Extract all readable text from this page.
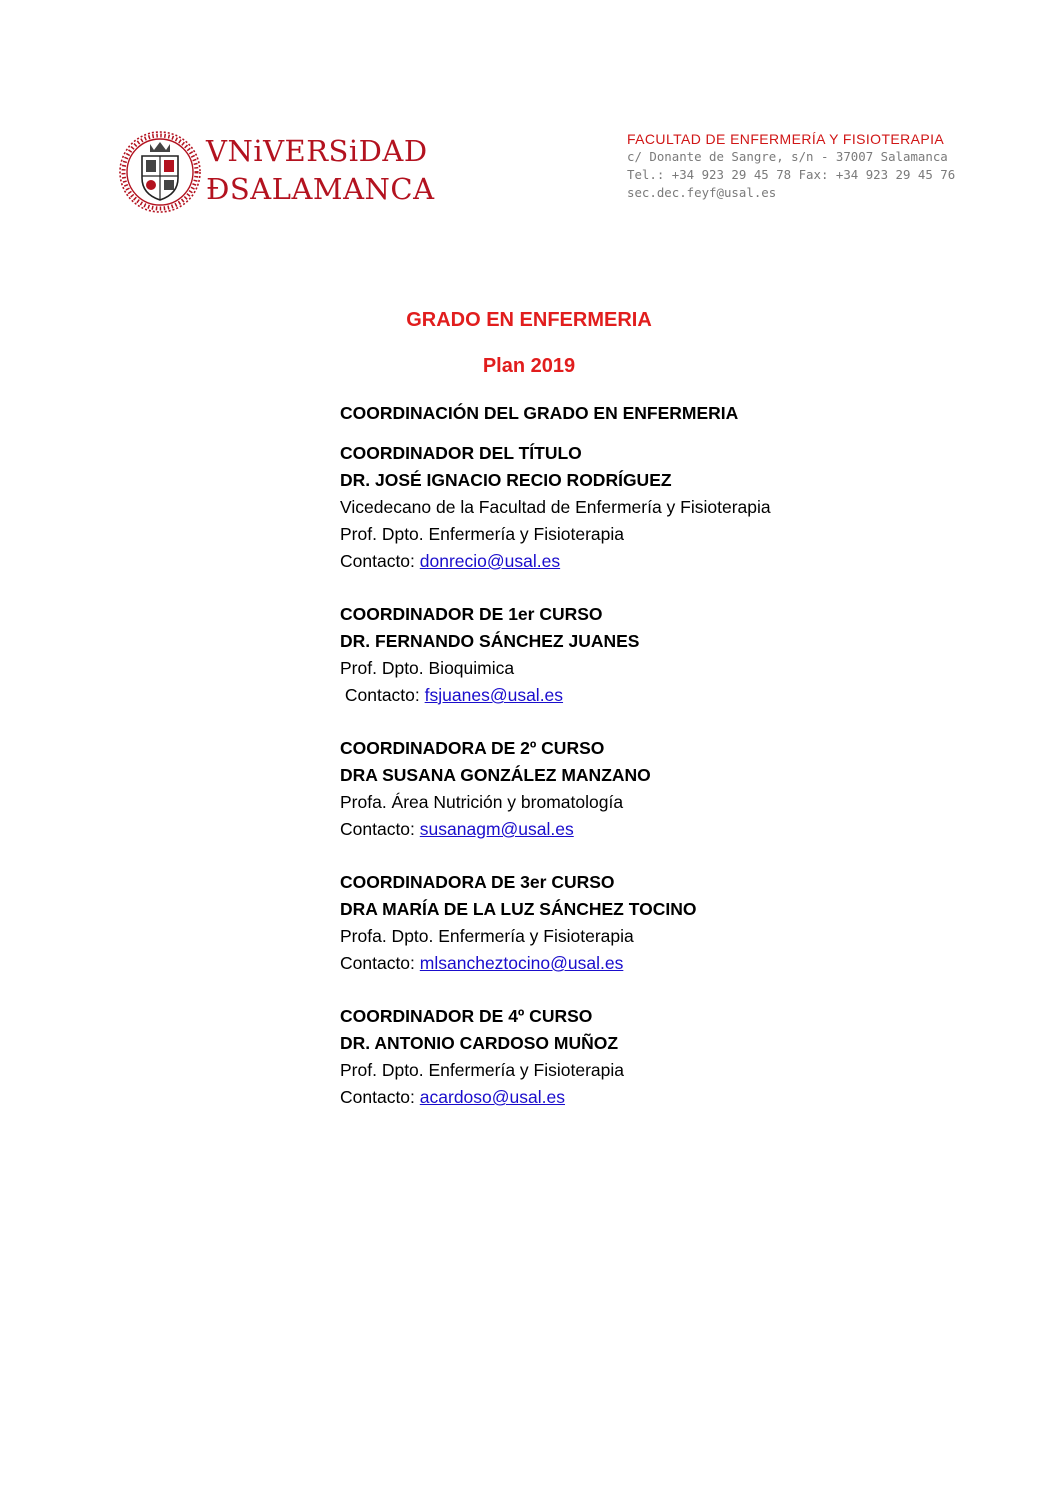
VNiVERSiDAD
ÐSALAMANCA
FACULTAD DE ENFERMERÍA Y FISIOTERAPIA
c/ Donante de Sangre, s/n - 37007 Salamanca
Tel.: +34 923 29 45 78 Fax: +34 923 29 45 76
sec.dec.feyf@usal.es
GRADO EN ENFERMERIA
Plan 2019
COORDINACIÓN DEL GRADO EN ENFERMERIA
COORDINADOR DEL TÍTULO
DR. JOSÉ IGNACIO RECIO RODRÍGUEZ
Vicedecano de la Facultad de Enfermería y Fisioterapia
Prof. Dpto. Enfermería y Fisioterapia
Contacto: donrecio@usal.es
COORDINADOR DE 1er CURSO
DR. FERNANDO SÁNCHEZ JUANES
Prof. Dpto. Bioquimica
Contacto: fsjuanes@usal.es
COORDINADORA DE 2º CURSO
DRA SUSANA GONZÁLEZ MANZANO
Profa. Área Nutrición y bromatología
Contacto: susanagm@usal.es
COORDINADORA DE 3er CURSO
DRA MARÍA DE LA LUZ SÁNCHEZ TOCINO
Profa. Dpto. Enfermería y Fisioterapia
Contacto: mlsancheztocino@usal.es
COORDINADOR DE 4º CURSO
DR. ANTONIO CARDOSO MUÑOZ
Prof. Dpto. Enfermería y Fisioterapia
Contacto: acardoso@usal.es
